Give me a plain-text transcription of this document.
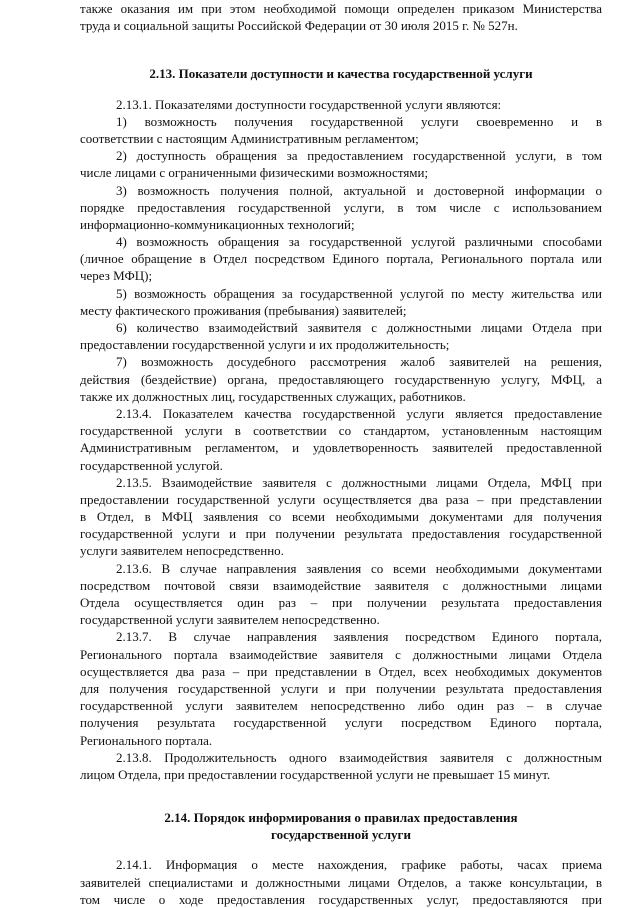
также оказания им при этом необходимой помощи определен приказом Министерства
труда и социальной защиты Российской Федерации от 30 июля 2015 г. № 527н.
2.13. Показатели доступности и качества государственной услуги
2.13.1. Показателями доступности государственной услуги являются:
1) возможность получения государственной услуги своевременно и в
соответствии с настоящим Административным регламентом;
2) доступность обращения за предоставлением государственной услуги, в том
числе лицами с ограниченными физическими возможностями;
3) возможность получения полной, актуальной и достоверной информации о
порядке предоставления государственной услуги, в том числе с использованием
информационно-коммуникационных технологий;
4) возможность обращения за государственной услугой различными способами
(личное обращение в Отдел посредством Единого портала, Регионального портала или
через МФЦ);
5) возможность обращения за государственной услугой по месту жительства или
месту фактического проживания (пребывания) заявителей;
6) количество взаимодействий заявителя с должностными лицами Отдела при
предоставлении государственной услуги и их продолжительность;
7) возможность досудебного рассмотрения жалоб заявителей на решения,
действия (бездействие) органа, предоставляющего государственную услугу, МФЦ, а
также их должностных лиц, государственных служащих, работников.
2.13.4. Показателем качества государственной услуги является предоставление
государственной услуги в соответствии со стандартом, установленным настоящим
Административным регламентом, и удовлетворенность заявителей предоставленной
государственной услугой.
2.13.5. Взаимодействие заявителя с должностными лицами Отдела, МФЦ при
предоставлении государственной услуги осуществляется два раза – при представлении
в Отдел, в МФЦ заявления со всеми необходимыми документами для получения
государственной услуги и при получении результата предоставления государственной
услуги заявителем непосредственно.
2.13.6. В случае направления заявления со всеми необходимыми документами
посредством почтовой связи взаимодействие заявителя с должностными лицами
Отдела осуществляется один раз – при получении результата предоставления
государственной услуги заявителем непосредственно.
2.13.7. В случае направления заявления посредством Единого портала,
Регионального портала взаимодействие заявителя с должностными лицами Отдела
осуществляется два раза – при представлении в Отдел, всех необходимых документов
для получения государственной услуги и при получении результата предоставления
государственной услуги заявителем непосредственно либо один раз – в случае
получения результата государственной услуги посредством Единого портала,
Регионального портала.
2.13.8. Продолжительность одного взаимодействия заявителя с должностным
лицом Отдела, при предоставлении государственной услуги не превышает 15 минут.
2.14. Порядок информирования о правилах предоставления
государственной услуги
2.14.1. Информация о месте нахождения, графике работы, часах приема
заявителей специалистами и должностными лицами Отделов, а также консультации, в
том числе о ходе предоставления государственных услуг, предоставляются при
